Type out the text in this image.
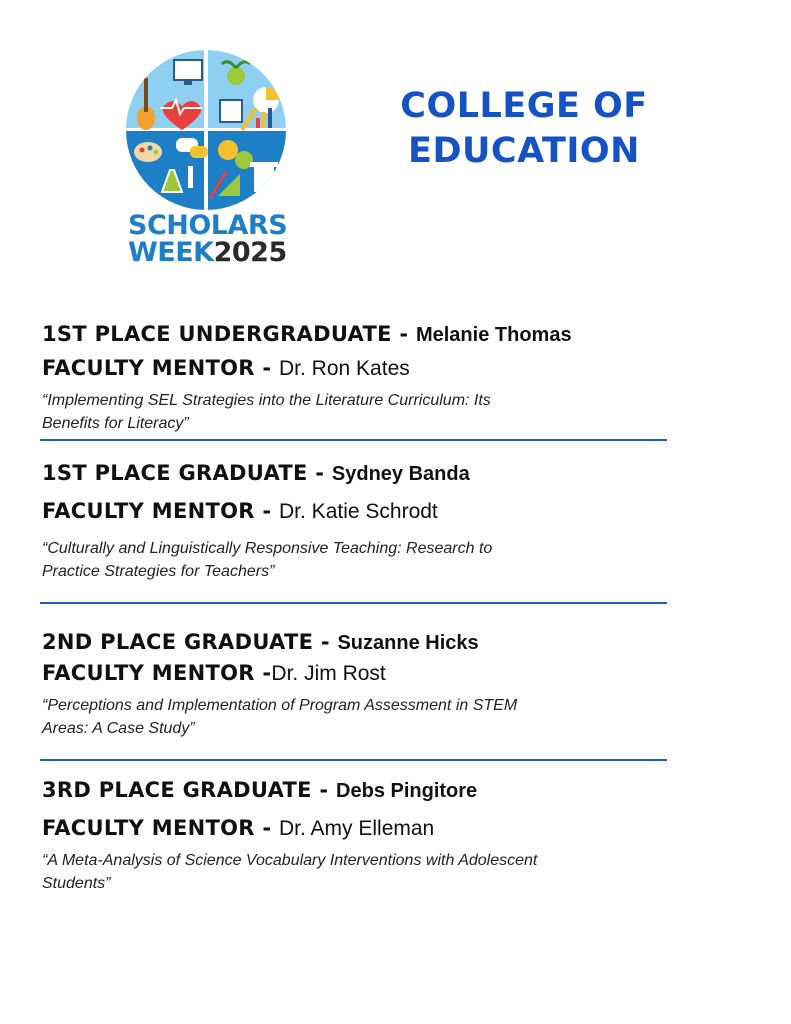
SCHOLARS
WEEK2025
COLLEGE OF
EDUCATION
1ST PLACE UNDERGRADUATE - Melanie Thomas
FACULTY MENTOR - Dr. Ron Kates
“Implementing SEL Strategies into the Literature Curriculum: Its
Benefits for Literacy”
1ST PLACE GRADUATE - Sydney Banda
FACULTY MENTOR - Dr. Katie Schrodt
“Culturally and Linguistically Responsive Teaching: Research to
Practice Strategies for Teachers”
2ND PLACE GRADUATE - Suzanne Hicks
FACULTY MENTOR -Dr. Jim Rost
“Perceptions and Implementation of Program Assessment in STEM
Areas: A Case Study”
3RD PLACE GRADUATE - Debs Pingitore
FACULTY MENTOR - Dr. Amy Elleman
“A Meta-Analysis of Science Vocabulary Interventions with Adolescent
Students”
